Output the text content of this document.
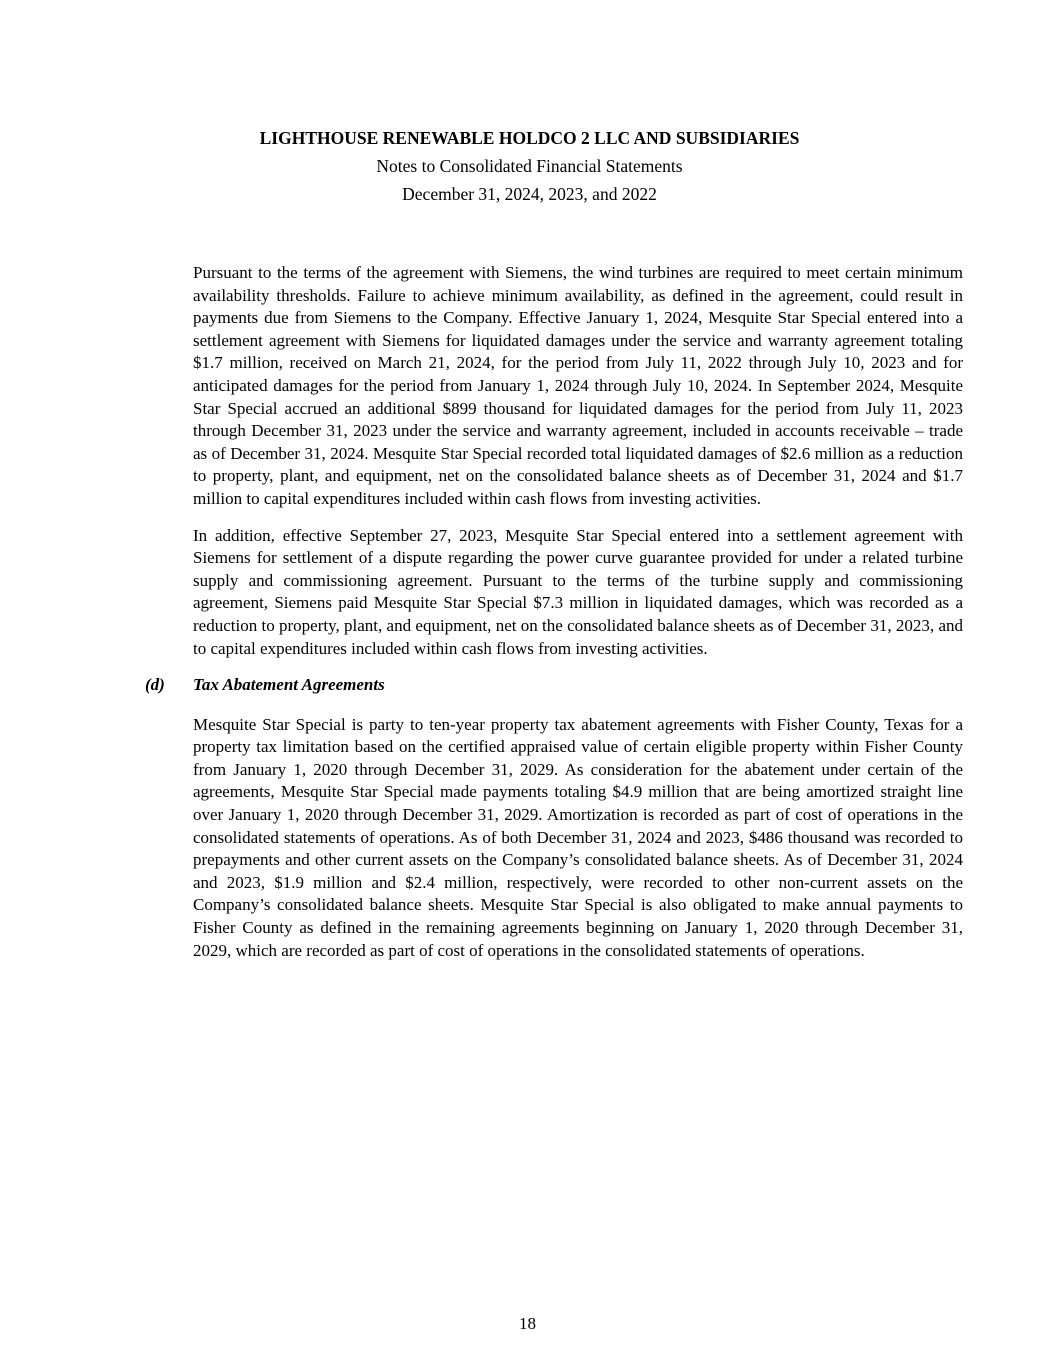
LIGHTHOUSE RENEWABLE HOLDCO 2 LLC AND SUBSIDIARIES
Notes to Consolidated Financial Statements
December 31, 2024, 2023, and 2022

Pursuant to the terms of the agreement with Siemens, the wind turbines are required to meet certain minimum availability thresholds. Failure to achieve minimum availability, as defined in the agreement, could result in payments due from Siemens to the Company. Effective January 1, 2024, Mesquite Star Special entered into a settlement agreement with Siemens for liquidated damages under the service and warranty agreement totaling $1.7 million, received on March 21, 2024, for the period from July 11, 2022 through July 10, 2023 and for anticipated damages for the period from January 1, 2024 through July 10, 2024. In September 2024, Mesquite Star Special accrued an additional $899 thousand for liquidated damages for the period from July 11, 2023 through December 31, 2023 under the service and warranty agreement, included in accounts receivable – trade as of December 31, 2024. Mesquite Star Special recorded total liquidated damages of $2.6 million as a reduction to property, plant, and equipment, net on the consolidated balance sheets as of December 31, 2024 and $1.7 million to capital expenditures included within cash flows from investing activities.

In addition, effective September 27, 2023, Mesquite Star Special entered into a settlement agreement with Siemens for settlement of a dispute regarding the power curve guarantee provided for under a related turbine supply and commissioning agreement. Pursuant to the terms of the turbine supply and commissioning agreement, Siemens paid Mesquite Star Special $7.3 million in liquidated damages, which was recorded as a reduction to property, plant, and equipment, net on the consolidated balance sheets as of December 31, 2023, and to capital expenditures included within cash flows from investing activities.

(d)	Tax Abatement Agreements

Mesquite Star Special is party to ten-year property tax abatement agreements with Fisher County, Texas for a property tax limitation based on the certified appraised value of certain eligible property within Fisher County from January 1, 2020 through December 31, 2029. As consideration for the abatement under certain of the agreements, Mesquite Star Special made payments totaling $4.9 million that are being amortized straight line over January 1, 2020 through December 31, 2029. Amortization is recorded as part of cost of operations in the consolidated statements of operations. As of both December 31, 2024 and 2023, $486 thousand was recorded to prepayments and other current assets on the Company’s consolidated balance sheets. As of December 31, 2024 and 2023, $1.9 million and $2.4 million, respectively, were recorded to other non-current assets on the Company’s consolidated balance sheets. Mesquite Star Special is also obligated to make annual payments to Fisher County as defined in the remaining agreements beginning on January 1, 2020 through December 31, 2029, which are recorded as part of cost of operations in the consolidated statements of operations.

18
